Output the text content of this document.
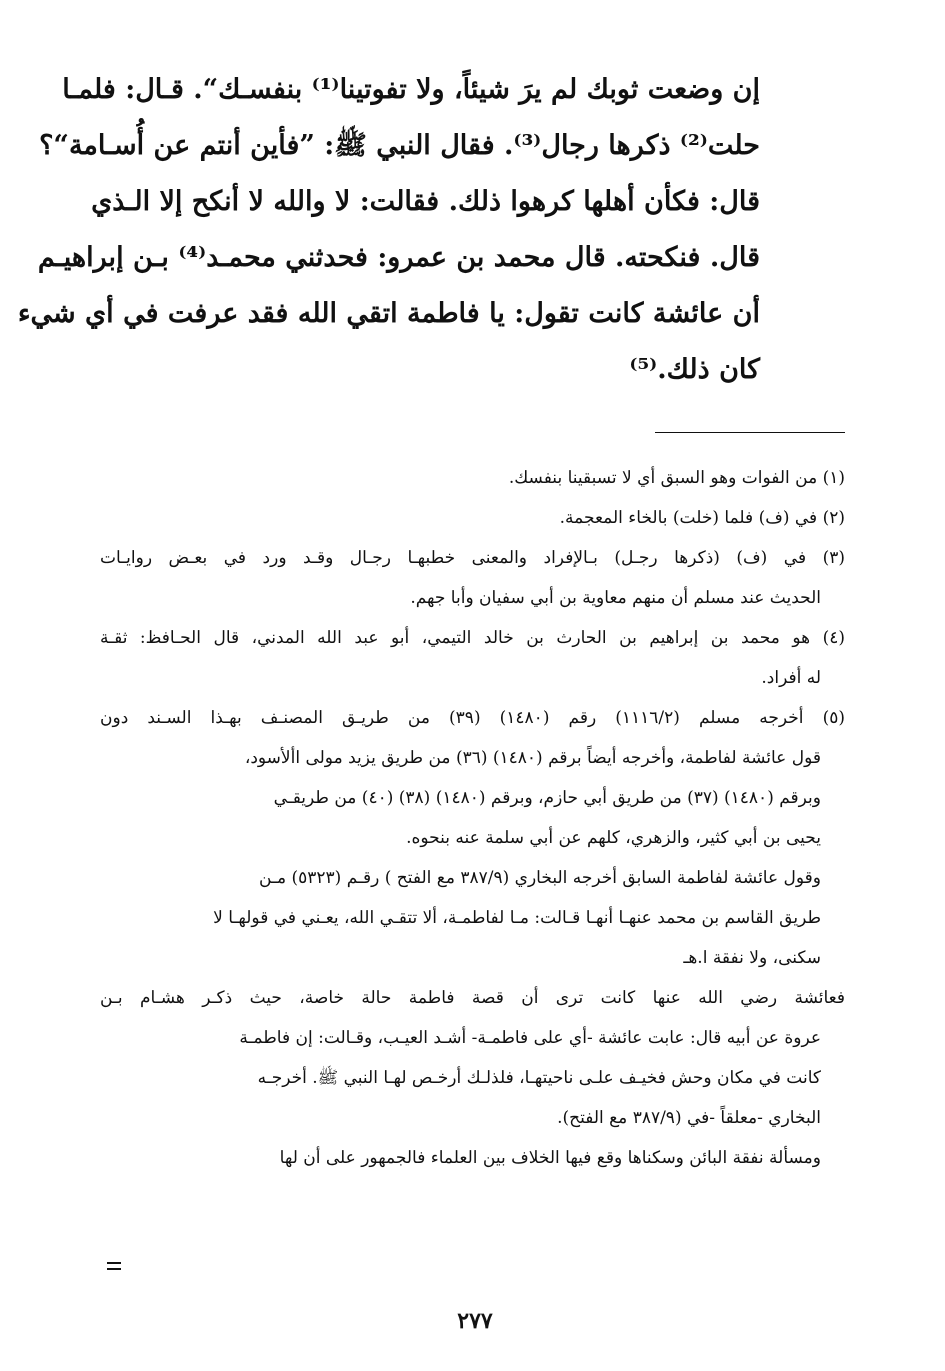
إن وضعت ثوبك لم يرَ شيئاً، ولا تفوتينا⁽¹⁾ بنفسـك“. قـال: فلمـا
حلت⁽²⁾ ذكرها رجال⁽³⁾. فقال النبي ﷺ: ”فأين أنتم عن أُسـامة“؟
قال: فكأن أهلها كرهوا ذلك. فقالت: لا والله لا أنكح إلا الـذي
قال. فنكحته. قال محمد بن عمرو: فحدثني محمـد⁽⁴⁾ بـن إبراهيـم
أن عائشة كانت تقول: يا فاطمة اتقي الله فقد عرفت في أي شيء
كان ذلك.⁽⁵⁾
(١) من الفوات وهو السبق أي لا تسبقينا بنفسك.
(٢) في (ف) فلما (خلت) بالخاء المعجمة.
(٣) في (ف) (ذكرها رجـل) بـالإفراد والمعنى خطبهـا رجـال وقـد ورد في بعـض روايـات
الحديث عند مسلم أن منهم معاوية بن أبي سفيان وأبا جهم.
(٤) هو محمد بن إبراهيم بن الحارث بن خالد التيمي، أبو عبد الله المدني، قال الحـافظ: ثقـة
له أفراد.
(٥) أخرجه مسلم (١١١٦/٢) رقم (١٤٨٠) (٣٩) من طريـق المصنـف بهـذا السـند دون
قول عائشة لفاطمة، وأخرجه أيضاً برقم (١٤٨٠) (٣٦) من طريق يزيد مولى األأسود،
وبرقم (١٤٨٠) (٣٧) من طريق أبي حازم، وبرقم (١٤٨٠) (٣٨) (٤٠) من طريقـي
يحيى بن أبي كثير، والزهري، كلهم عن أبي سلمة عنه بنحوه.
وقول عائشة لفاطمة السابق أخرجه البخاري (٣٨٧/٩ مع الفتح ) رقـم (٥٣٢٣) مـن
طريق القاسم بن محمد عنهـا أنهـا قـالت: مـا لفاطمـة، ألا تتقـي الله، يعـني في قولهـا لا
سكنى، ولا نفقة ا.هـ
فعائشة رضي الله عنها كانت ترى أن قصة فاطمة حالة خاصة، حيث ذكـر هشـام بـن
عروة عن أبيه قال: عابت عائشة -أي على فاطمـة- أشـد العيـب، وقـالت: إن فاطمـة
كانت في مكان وحش فخيـف علـى ناحيتهـا، فلذلـك أرخـص لهـا النبي ﷺ. أخرجـه
البخاري -معلقاً -في (٣٨٧/٩ مع الفتح).
ومسألة نفقة البائن وسكناها وقع فيها الخلاف بين العلماء فالجمهور على أن لها
٢٧٧
